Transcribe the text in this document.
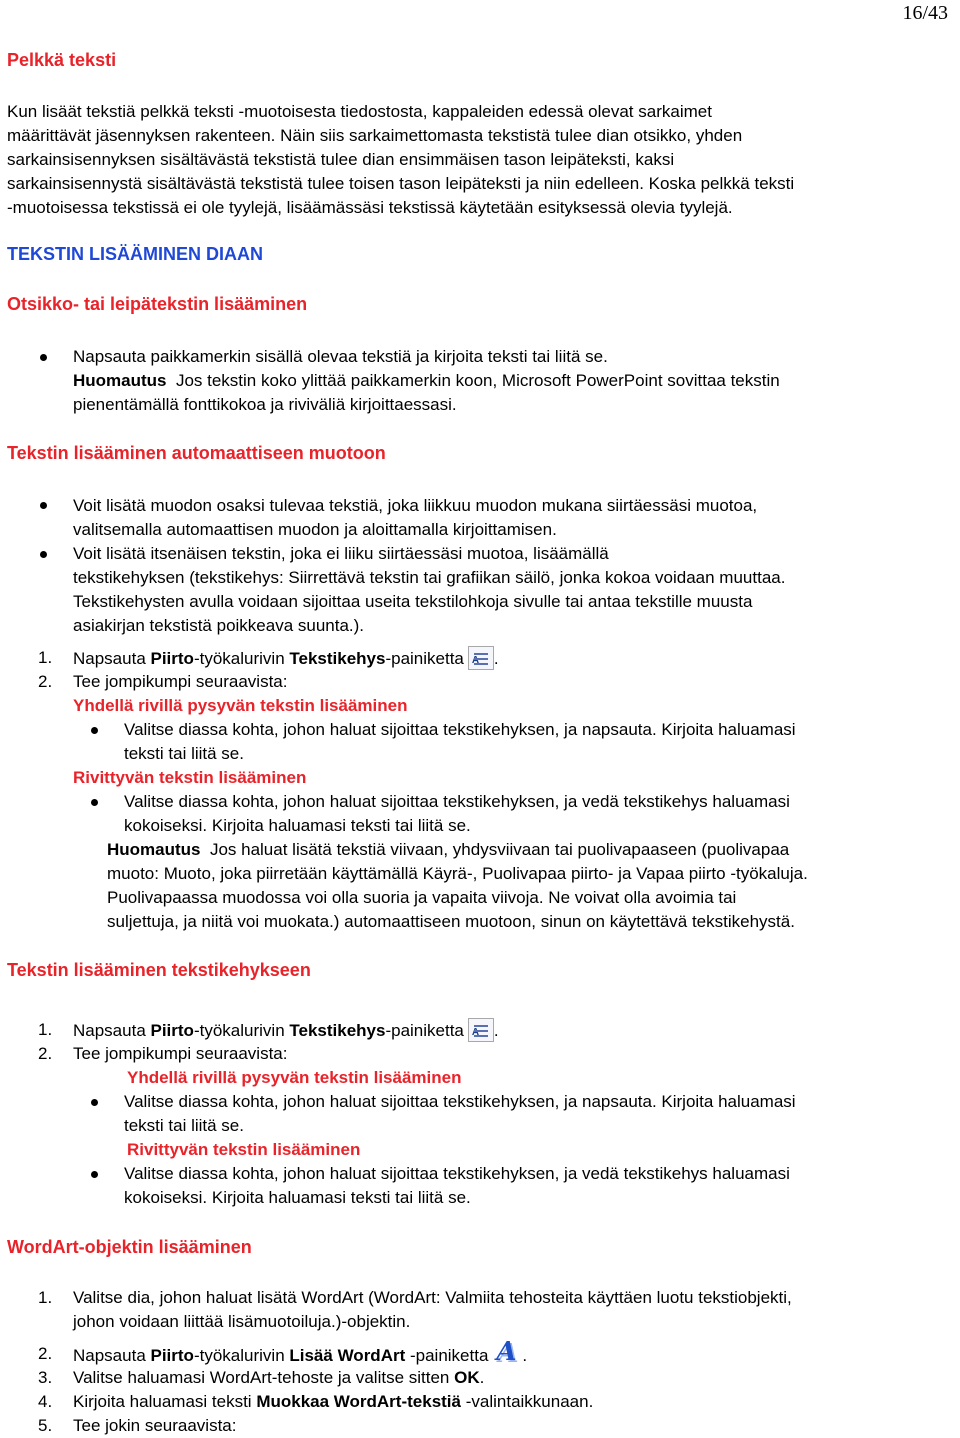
16/43
Pelkkä teksti
Kun lisäät tekstiä pelkkä teksti -muotoisesta tiedostosta, kappaleiden edessä olevat sarkaimet
määrittävät jäsennyksen rakenteen. Näin siis sarkaimettomasta tekstistä tulee dian otsikko, yhden
sarkainsisennyksen sisältävästä tekstistä tulee dian ensimmäisen tason leipäteksti, kaksi
sarkainsisennystä sisältävästä tekstistä tulee toisen tason leipäteksti ja niin edelleen. Koska pelkkä teksti
-muotoisessa tekstissä ei ole tyylejä, lisäämässäsi tekstissä käytetään esityksessä olevia tyylejä.
TEKSTIN LISÄÄMINEN DIAAN
Otsikko- tai leipätekstin lisääminen
Napsauta paikkamerkin sisällä olevaa tekstiä ja kirjoita teksti tai liitä se.
Huomautus  Jos tekstin koko ylittää paikkamerkin koon, Microsoft PowerPoint sovittaa tekstin
pienentämällä fonttikokoa ja riviväliä kirjoittaessasi.
Tekstin lisääminen automaattiseen muotoon
Voit lisätä muodon osaksi tulevaa tekstiä, joka liikkuu muodon mukana siirtäessäsi muotoa,
valitsemalla automaattisen muodon ja aloittamalla kirjoittamisen.
Voit lisätä itsenäisen tekstin, joka ei liiku siirtäessäsi muotoa, lisäämällä
tekstikehyksen (tekstikehys: Siirrettävä tekstin tai grafiikan säilö, jonka kokoa voidaan muuttaa.
Tekstikehysten avulla voidaan sijoittaa useita tekstilohkoja sivulle tai antaa tekstille muusta
asiakirjan tekstistä poikkeava suunta.).
1. Napsauta Piirto-työkalurivin Tekstikehys-painiketta A .
2. Tee jompikumpi seuraavista:
Yhdellä rivillä pysyvän tekstin lisääminen
Valitse diassa kohta, johon haluat sijoittaa tekstikehyksen, ja napsauta. Kirjoita haluamasi
teksti tai liitä se.
Rivittyvän tekstin lisääminen
Valitse diassa kohta, johon haluat sijoittaa tekstikehyksen, ja vedä tekstikehys haluamasi
kokoiseksi. Kirjoita haluamasi teksti tai liitä se.
Huomautus  Jos haluat lisätä tekstiä viivaan, yhdysviivaan tai puolivapaaseen (puolivapaa
muoto: Muoto, joka piirretään käyttämällä Käyrä-, Puolivapaa piirto- ja Vapaa piirto -työkaluja.
Puolivapaassa muodossa voi olla suoria ja vapaita viivoja. Ne voivat olla avoimia tai
suljettuja, ja niitä voi muokata.) automaattiseen muotoon, sinun on käytettävä tekstikehystä.
Tekstin lisääminen tekstikehykseen
1. Napsauta Piirto-työkalurivin Tekstikehys-painiketta A .
2. Tee jompikumpi seuraavista:
Yhdellä rivillä pysyvän tekstin lisääminen
Valitse diassa kohta, johon haluat sijoittaa tekstikehyksen, ja napsauta. Kirjoita haluamasi
teksti tai liitä se.
Rivittyvän tekstin lisääminen
Valitse diassa kohta, johon haluat sijoittaa tekstikehyksen, ja vedä tekstikehys haluamasi
kokoiseksi. Kirjoita haluamasi teksti tai liitä se.
WordArt-objektin lisääminen
1. Valitse dia, johon haluat lisätä WordArt (WordArt: Valmiita tehosteita käyttäen luotu tekstiobjekti,
johon voidaan liittää lisämuotoiluja.)-objektin.
2. Napsauta Piirto-työkalurivin Lisää WordArt -painiketta A .
3. Valitse haluamasi WordArt-tehoste ja valitse sitten OK.
4. Kirjoita haluamasi teksti Muokkaa WordArt-tekstiä -valintaikkunaan.
5. Tee jokin seuraavista:
